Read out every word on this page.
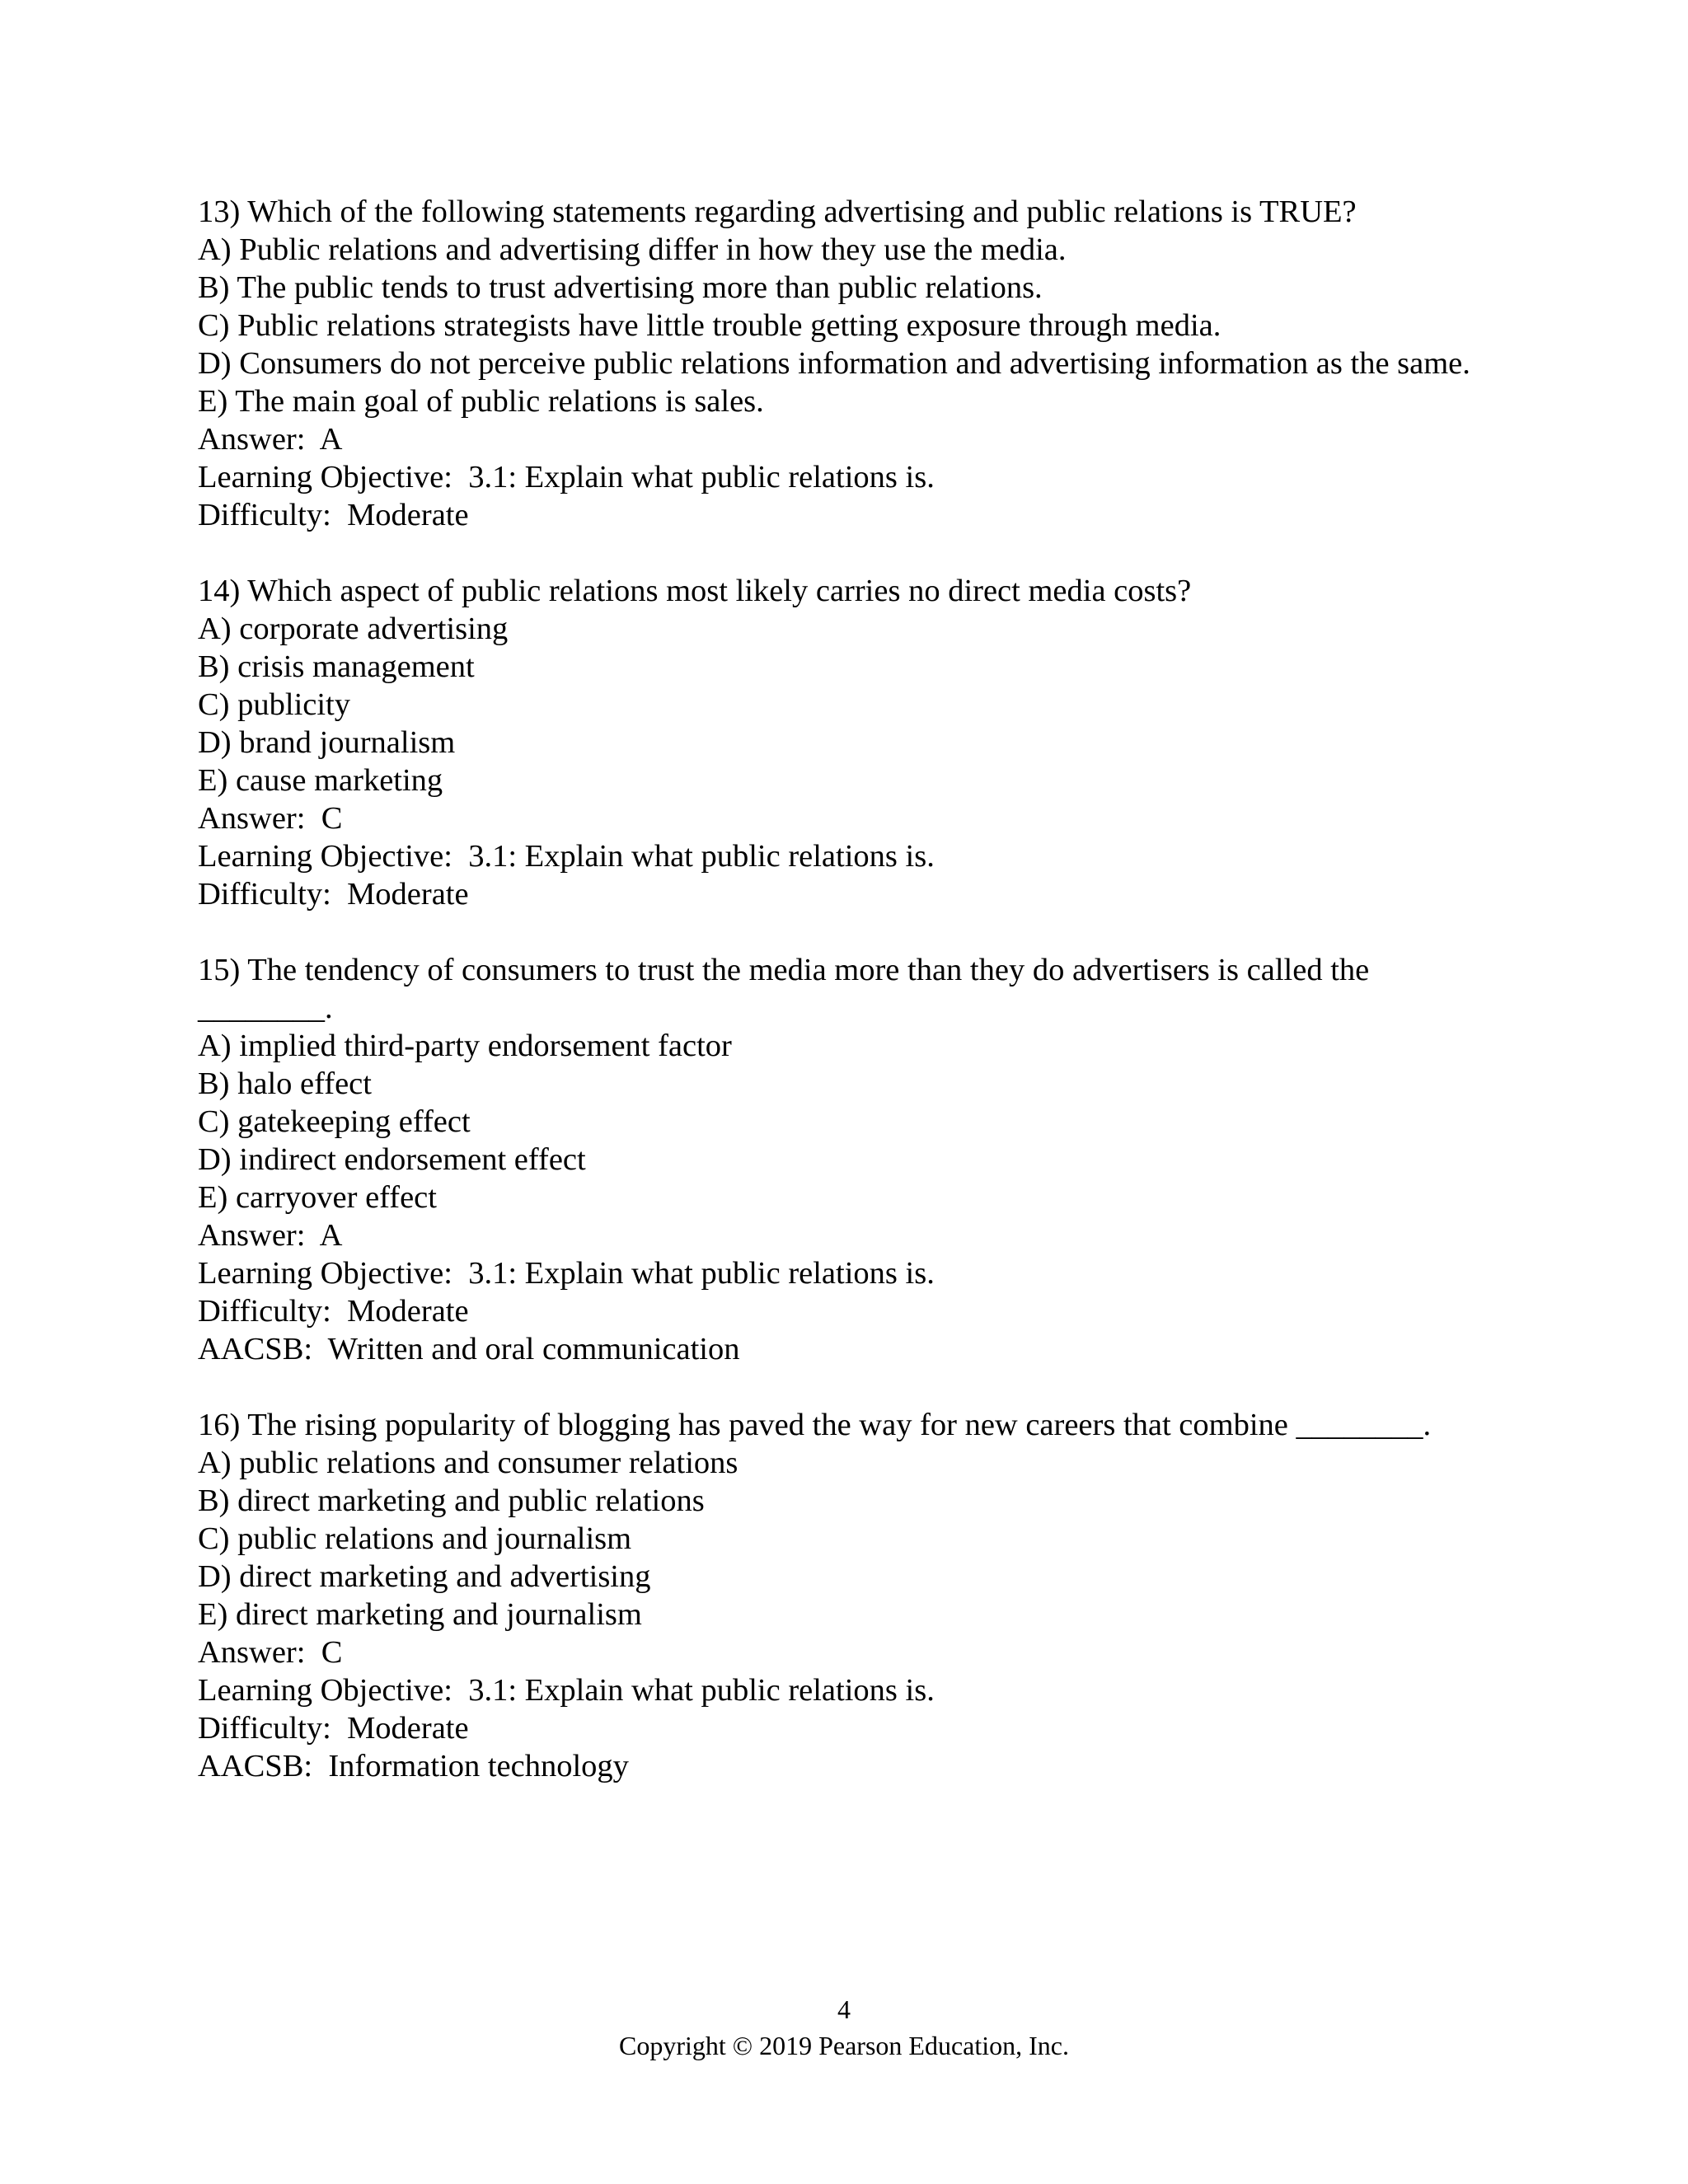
13) Which of the following statements regarding advertising and public relations is TRUE?
A) Public relations and advertising differ in how they use the media.
B) The public tends to trust advertising more than public relations.
C) Public relations strategists have little trouble getting exposure through media.
D) Consumers do not perceive public relations information and advertising information as the same.
E) The main goal of public relations is sales.
Answer:  A
Learning Objective:  3.1: Explain what public relations is.
Difficulty:  Moderate
14) Which aspect of public relations most likely carries no direct media costs?
A) corporate advertising
B) crisis management
C) publicity
D) brand journalism
E) cause marketing
Answer:  C
Learning Objective:  3.1: Explain what public relations is.
Difficulty:  Moderate
15) The tendency of consumers to trust the media more than they do advertisers is called the ________.
A) implied third-party endorsement factor
B) halo effect
C) gatekeeping effect
D) indirect endorsement effect
E) carryover effect
Answer:  A
Learning Objective:  3.1: Explain what public relations is.
Difficulty:  Moderate
AACSB:  Written and oral communication
16) The rising popularity of blogging has paved the way for new careers that combine ________.
A) public relations and consumer relations
B) direct marketing and public relations
C) public relations and journalism
D) direct marketing and advertising
E) direct marketing and journalism
Answer:  C
Learning Objective:  3.1: Explain what public relations is.
Difficulty:  Moderate
AACSB:  Information technology
4
Copyright © 2019 Pearson Education, Inc.
